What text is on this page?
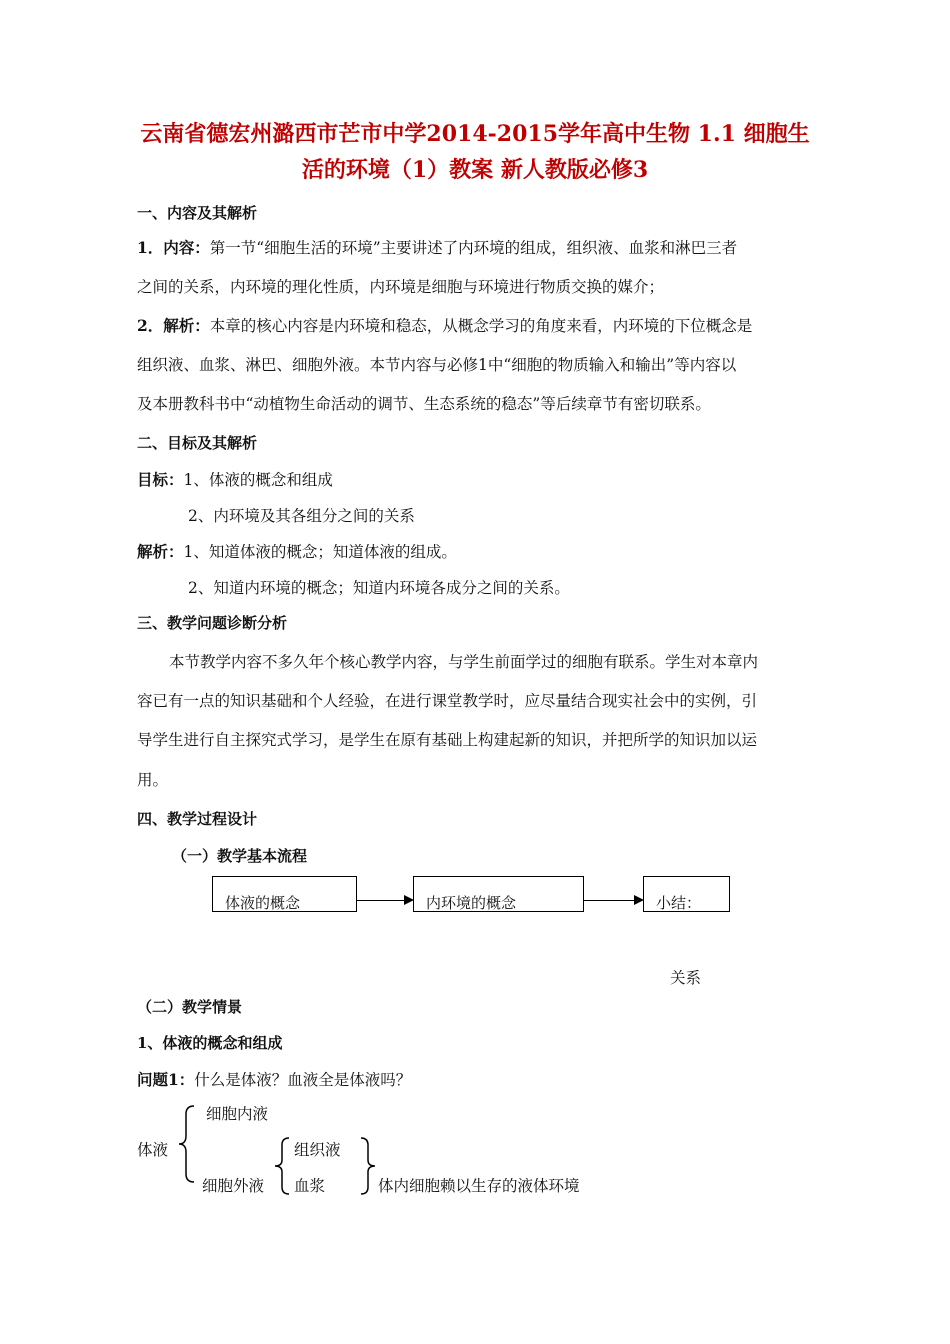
云南省德宏州潞西市芒市中学2014-2015学年高中生物 1.1 细胞生
活的环境（1）教案 新人教版必修3
一、内容及其解析
1．内容：第一节“细胞生活的环境”主要讲述了内环境的组成，组织液、血浆和淋巴三者
之间的关系，内环境的理化性质，内环境是细胞与环境进行物质交换的媒介；
2．解析：本章的核心内容是内环境和稳态，从概念学习的角度来看，内环境的下位概念是
组织液、血浆、淋巴、细胞外液。本节内容与必修1中“细胞的物质输入和输出”等内容以
及本册教科书中“动植物生命活动的调节、生态系统的稳态”等后续章节有密切联系。
二、目标及其解析
目标：1、体液的概念和组成
2、内环境及其各组分之间的关系
解析：1、知道体液的概念；知道体液的组成。
2、知道内环境的概念；知道内环境各成分之间的关系。
三、教学问题诊断分析
本节教学内容不多久年个核心教学内容，与学生前面学过的细胞有联系。学生对本章内
容已有一点的知识基础和个人经验，在进行课堂教学时，应尽量结合现实社会中的实例，引
导学生进行自主探究式学习，是学生在原有基础上构建起新的知识，并把所学的知识加以运
用。
四、教学过程设计
（一）教学基本流程
体液的概念	内环境的概念	小结：
关系
（二）教学情景
1、体液的概念和组成
问题1：什么是体液？血液全是体液吗？
体液
细胞内液
细胞外液
组织液
血浆	体内细胞赖以生存的液体环境
